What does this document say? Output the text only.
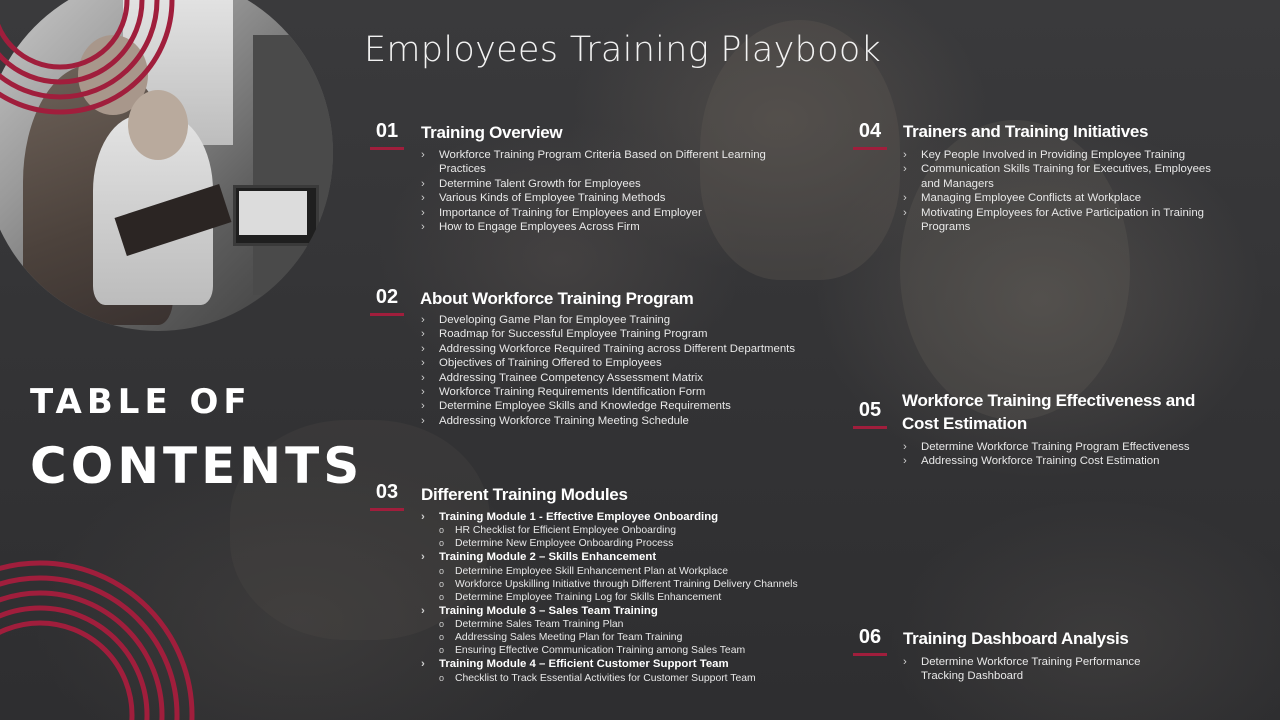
Employees Training Playbook
TABLE OF
CONTENTS
01	Training Overview
› Workforce Training Program Criteria Based on Different Learning Practices
› Determine Talent Growth for Employees
› Various Kinds of Employee Training Methods
› Importance of Training for Employees and Employer
› How to Engage Employees Across Firm
02	About Workforce Training Program
› Developing Game Plan for Employee Training
› Roadmap for Successful Employee Training Program
› Addressing Workforce Required Training across Different Departments
› Objectives of Training Offered to Employees
› Addressing Trainee Competency Assessment Matrix
› Workforce Training Requirements Identification Form
› Determine Employee Skills and Knowledge Requirements
› Addressing Workforce Training Meeting Schedule
03	Different Training Modules
› Training Module 1 - Effective Employee Onboarding
o HR Checklist for Efficient Employee Onboarding
o Determine New Employee Onboarding Process
› Training Module 2 – Skills Enhancement
o Determine Employee Skill Enhancement Plan at Workplace
o Workforce Upskilling Initiative through Different Training Delivery Channels
o Determine Employee Training Log for Skills Enhancement
› Training Module 3 – Sales Team Training
o Determine Sales Team Training Plan
o Addressing Sales Meeting Plan for Team Training
o Ensuring Effective Communication Training among Sales Team
› Training Module 4 – Efficient Customer Support Team
o Checklist to Track Essential Activities for Customer Support Team
04	Trainers and Training Initiatives
› Key People Involved in Providing Employee Training
› Communication Skills Training for Executives, Employees and Managers
› Managing Employee Conflicts at Workplace
› Motivating Employees for Active Participation in Training Programs
05	Workforce Training Effectiveness and Cost Estimation
› Determine Workforce Training Program Effectiveness
› Addressing Workforce Training Cost Estimation
06	Training Dashboard Analysis
› Determine Workforce Training Performance Tracking Dashboard
